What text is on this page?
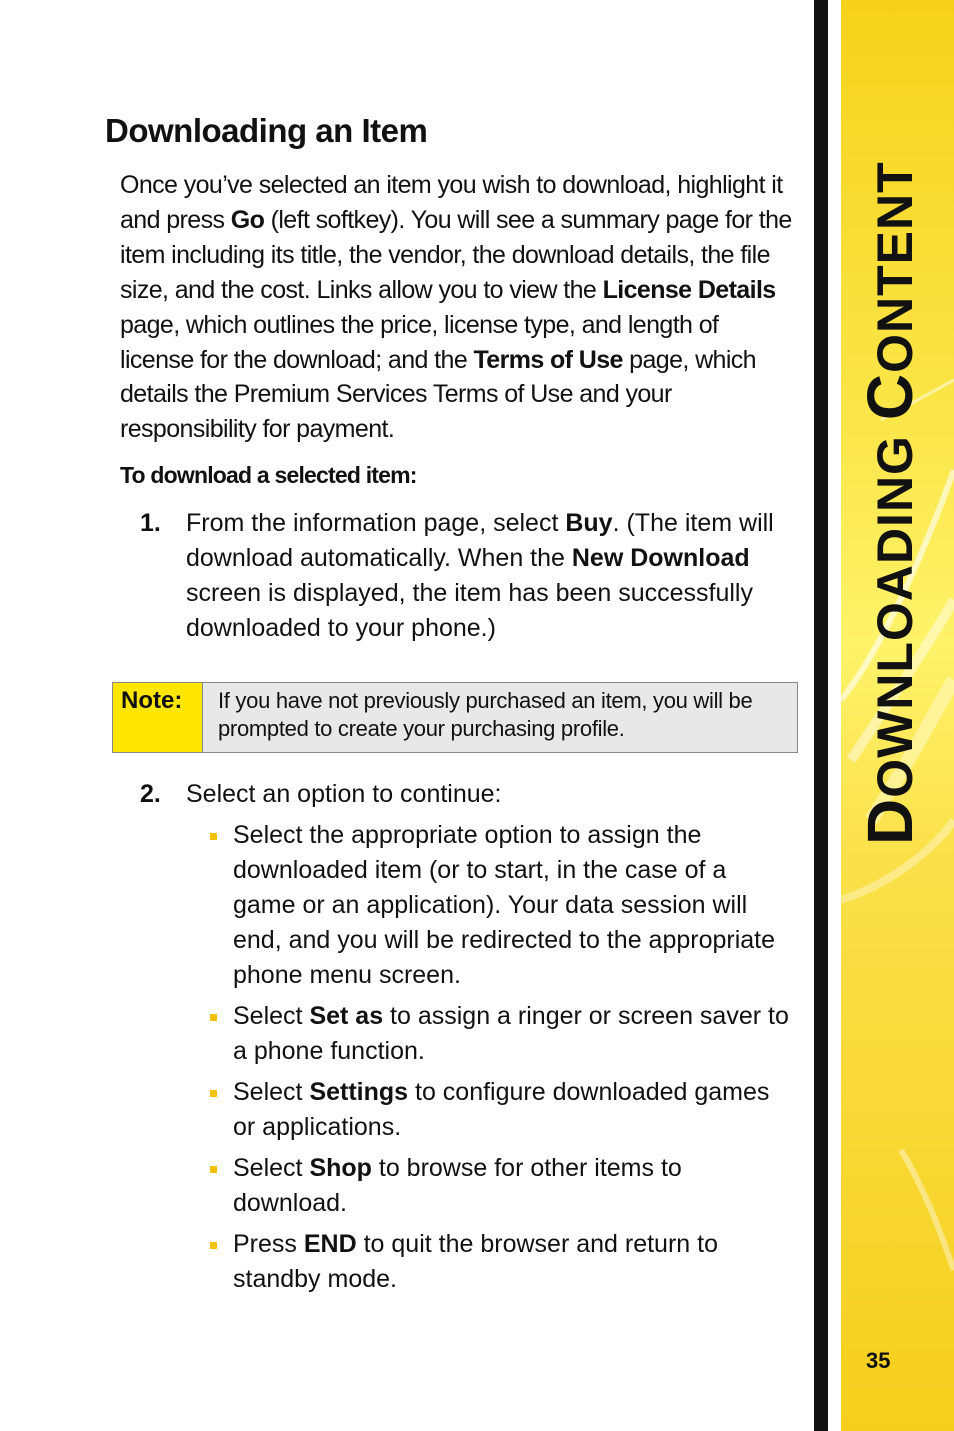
DOWNLOADING CONTENT
35
Downloading an Item

Once you’ve selected an item you wish to download, highlight it and press Go (left softkey). You will see a summary page for the item including its title, the vendor, the download details, the file size, and the cost. Links allow you to view the License Details page, which outlines the price, license type, and length of license for the download; and the Terms of Use page, which details the Premium Services Terms of Use and your responsibility for payment.

To download a selected item:

1. From the information page, select Buy. (The item will download automatically. When the New Download screen is displayed, the item has been successfully downloaded to your phone.)
Note:	If you have not previously purchased an item, you will be prompted to create your purchasing profile.
2. Select an option to continue:
Select the appropriate option to assign the downloaded item (or to start, in the case of a game or an application). Your data session will end, and you will be redirected to the appropriate phone menu screen.
Select Set as to assign a ringer or screen saver to a phone function.
Select Settings to configure downloaded games or applications.
Select Shop to browse for other items to download.
Press END to quit the browser and return to standby mode.
